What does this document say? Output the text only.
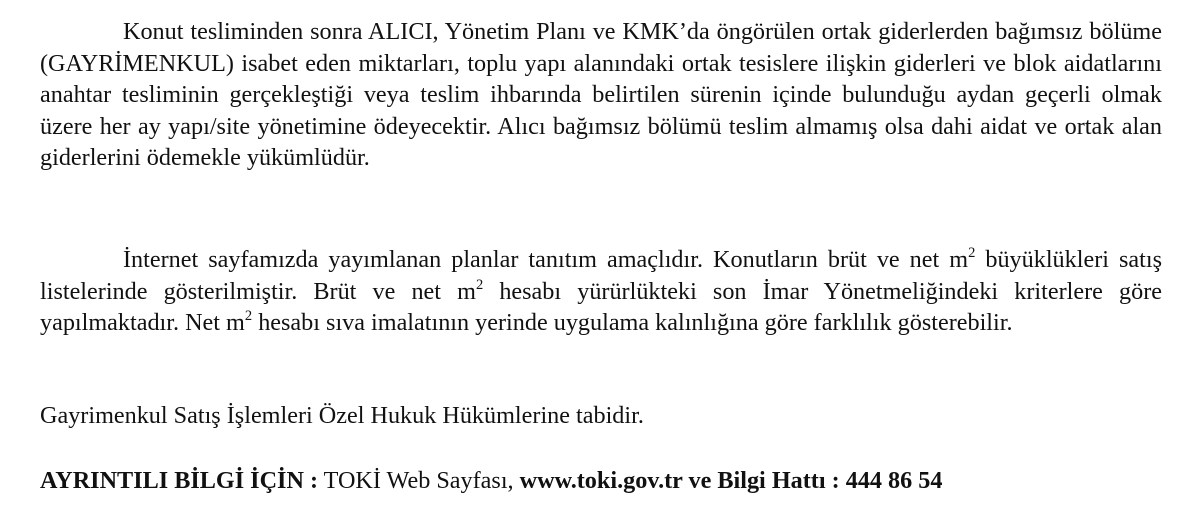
Konut tesliminden sonra ALICI, Yönetim Planı ve KMK’da öngörülen ortak giderlerden bağımsız bölüme (GAYRİMENKUL) isabet eden miktarları, toplu yapı alanındaki ortak tesislere ilişkin giderleri ve blok aidatlarını anahtar tesliminin gerçekleştiği veya teslim ihbarında belirtilen sürenin içinde bulunduğu aydan geçerli olmak üzere her ay yapı/site yönetimine ödeyecektir. Alıcı bağımsız bölümü teslim almamış olsa dahi aidat ve ortak alan giderlerini ödemekle yükümlüdür.

İnternet sayfamızda yayımlanan planlar tanıtım amaçlıdır. Konutların brüt ve net $m^2$ büyüklükleri satış listelerinde gösterilmiştir. Brüt ve net $m^2$ hesabı yürürlükteki son İmar Yönetmeliğindeki kriterlere göre yapılmaktadır. Net $m^2$ hesabı sıva imalatının yerinde uygulama kalınlığına göre farklılık gösterebilir.

Gayrimenkul Satış İşlemleri Özel Hukuk Hükümlerine tabidir.

AYRINTILI BİLGİ İÇİN : TOKİ Web Sayfası, www.toki.gov.tr ve Bilgi Hattı : 444 86 54
